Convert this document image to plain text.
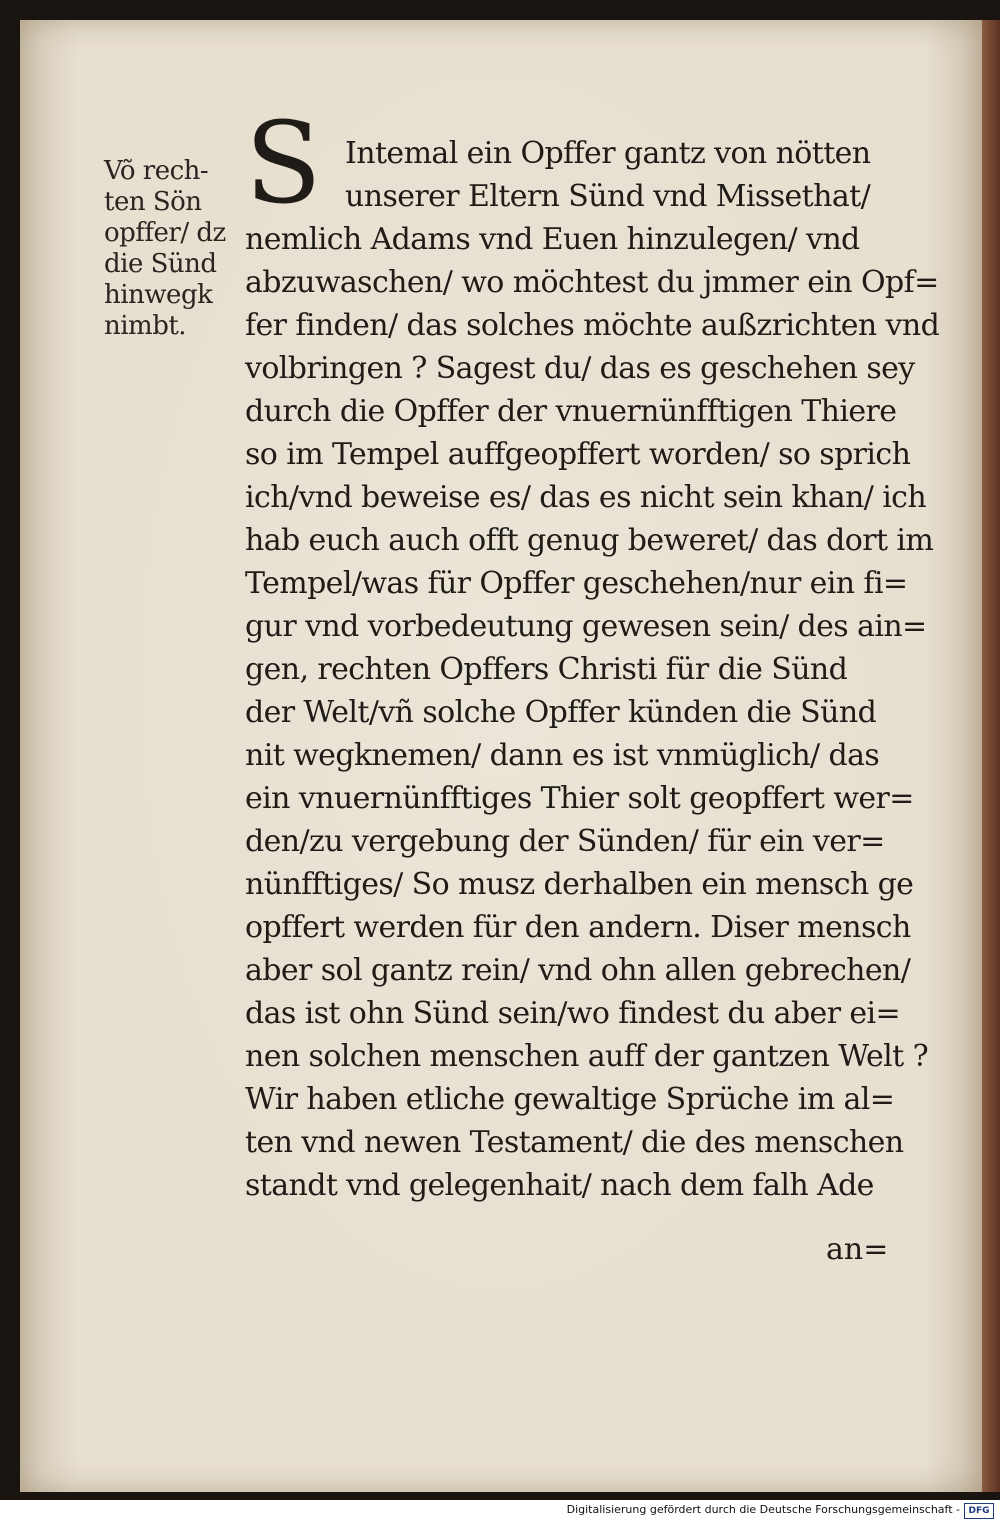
Võ rech-
ten Sön
opffer/ dz
die Sünd
hinwegk
nimbt.
S Intemal ein Opffer gantz von nötten
unserer Eltern Sünd vnd Missethat/
nemlich Adams vnd Euen hinzulegen/ vnd
abzuwaschen/ wo möchtest du jmmer ein Opf=
fer finden/ das solches möchte außzrichten vnd
volbringen ? Sagest du/ das es geschehen sey
durch die Opffer der vnuernünfftigen Thiere
so im Tempel auffgeopffert worden/ so sprich
ich/vnd beweise es/ das es nicht sein khan/ ich
hab euch auch offt genug beweret/ das dort im
Tempel/was für Opffer geschehen/nur ein fi=
gur vnd vorbedeutung gewesen sein/ des ain=
gen, rechten Opffers Christi für die Sünd
der Welt/vñ solche Opffer künden die Sünd
nit wegknemen/ dann es ist vnmüglich/ das
ein vnuernünfftiges Thier solt geopffert wer=
den/zu vergebung der Sünden/ für ein ver=
nünfftiges/ So musz derhalben ein mensch ge
opffert werden für den andern. Diser mensch
aber sol gantz rein/ vnd ohn allen gebrechen/
das ist ohn Sünd sein/wo findest du aber ei=
nen solchen menschen auff der gantzen Welt ?
Wir haben etliche gewaltige Sprüche im al=
ten vnd newen Testament/ die des menschen
standt vnd gelegenhait/ nach dem falh Ade
an=
Digitalisierung gefördert durch die Deutsche Forschungsgemeinschaft - DFG
